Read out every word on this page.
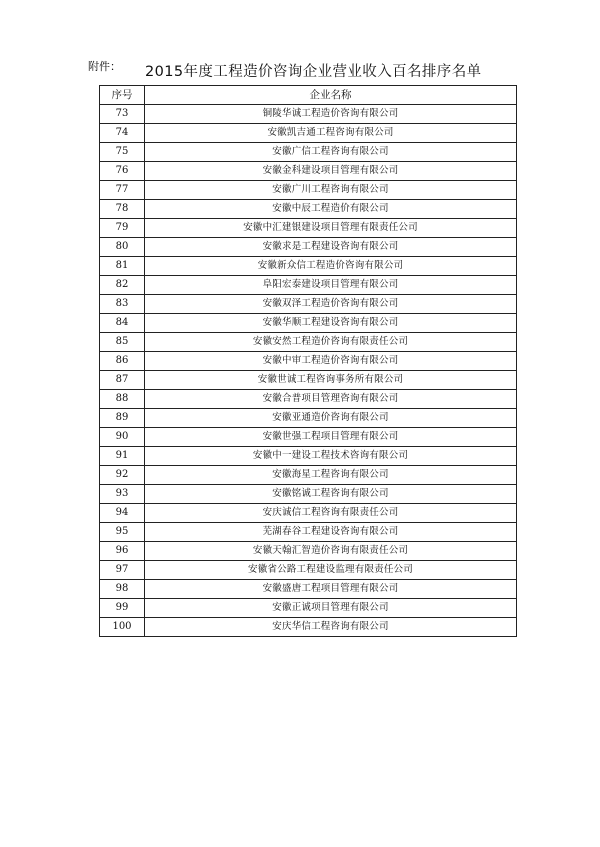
附件： 2015年度工程造价咨询企业营业收入百名排序名单
序号	企业名称
73	铜陵华诚工程造价咨询有限公司
74	安徽凯吉通工程咨询有限公司
75	安徽广信工程咨询有限公司
76	安徽金科建设项目管理有限公司
77	安徽广川工程咨询有限公司
78	安徽中辰工程造价有限公司
79	安徽中汇建银建设项目管理有限责任公司
80	安徽求是工程建设咨询有限公司
81	安徽新众信工程造价咨询有限公司
82	阜阳宏泰建设项目管理有限公司
83	安徽双泽工程造价咨询有限公司
84	安徽华顺工程建设咨询有限公司
85	安徽安然工程造价咨询有限责任公司
86	安徽中审工程造价咨询有限公司
87	安徽世诚工程咨询事务所有限公司
88	安徽合普项目管理咨询有限公司
89	安徽亚通造价咨询有限公司
90	安徽世强工程项目管理有限公司
91	安徽中一建设工程技术咨询有限公司
92	安徽海星工程咨询有限公司
93	安徽铭诚工程咨询有限公司
94	安庆诚信工程咨询有限责任公司
95	芜湖春谷工程建设咨询有限公司
96	安徽天翰汇智造价咨询有限责任公司
97	安徽省公路工程建设监理有限责任公司
98	安徽盛唐工程项目管理有限公司
99	安徽正诚项目管理有限公司
100	安庆华信工程咨询有限公司
